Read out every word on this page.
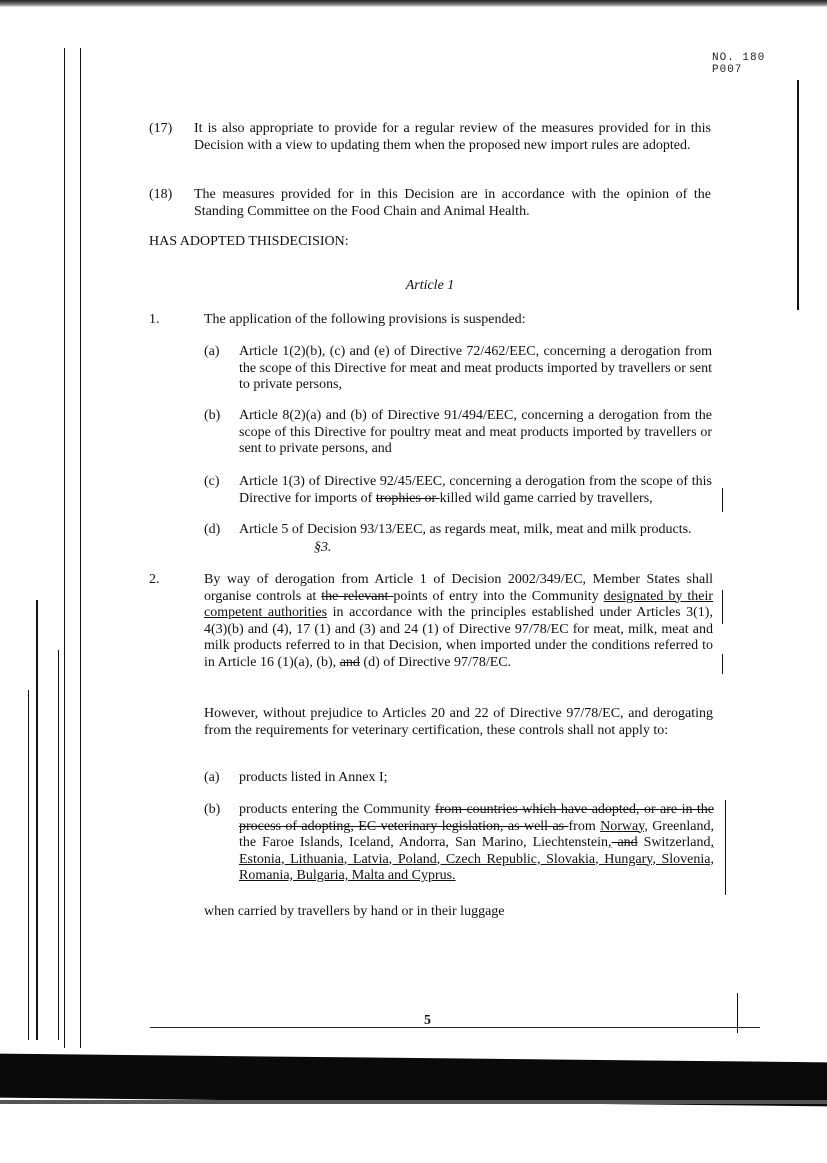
NO. 180 P007
(17) It is also appropriate to provide for a regular review of the measures provided for in this Decision with a view to updating them when the proposed new import rules are adopted.
(18) The measures provided for in this Decision are in accordance with the opinion of the Standing Committee on the Food Chain and Animal Health.
HAS ADOPTED THISDECISION:
Article 1
1.	The application of the following provisions is suspended:
(a) Article 1(2)(b), (c) and (e) of Directive 72/462/EEC, concerning a derogation from the scope of this Directive for meat and meat products imported by travellers or sent to private persons,
(b) Article 8(2)(a) and (b) of Directive 91/494/EEC, concerning a derogation from the scope of this Directive for poultry meat and meat products imported by travellers or sent to private persons, and
(c) Article 1(3) of Directive 92/45/EEC, concerning a derogation from the scope of this Directive for imports of trophies or killed wild game carried by travellers,
(d) Article 5 of Decision 93/13/EEC, as regards meat, milk, meat and milk products.
§3.
2.	By way of derogation from Article 1 of Decision 2002/349/EC, Member States shall organise controls at the relevant points of entry into the Community designated by their competent authorities in accordance with the principles established under Articles 3(1), 4(3)(b) and (4), 17 (1) and (3) and 24 (1) of Directive 97/78/EC for meat, milk, meat and milk products referred to in that Decision, when imported under the conditions referred to in Article 16 (1)(a), (b), and (d) of Directive 97/78/EC.
However, without prejudice to Articles 20 and 22 of Directive 97/78/EC, and derogating from the requirements for veterinary certification, these controls shall not apply to:
(a) products listed in Annex I;
(b) products entering the Community from countries which have adopted, or are in the process of adopting, EC veterinary legislation, as well as from Norway, Greenland, the Faroe Islands, Iceland, Andorra, San Marino, Liechtenstein, and Switzerland, Estonia, Lithuania, Latvia, Poland, Czech Republic, Slovakia, Hungary, Slovenia, Romania, Bulgaria, Malta and Cyprus.
when carried by travellers by hand or in their luggage
5
